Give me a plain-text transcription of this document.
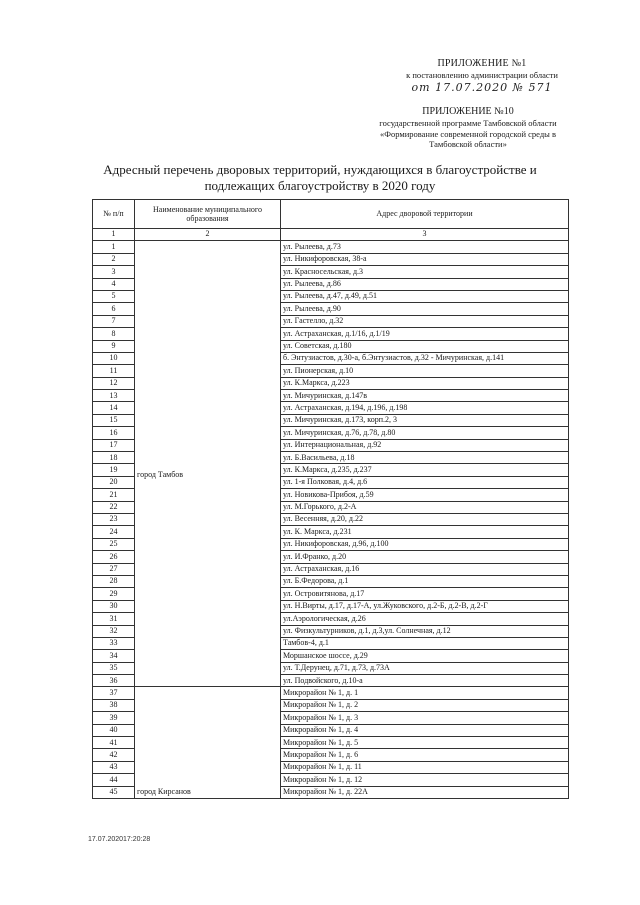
ПРИЛОЖЕНИЕ №1
к постановлению администрации области
от 17.07.2020 № 571
ПРИЛОЖЕНИЕ №10
государственной программе Тамбовской области
«Формирование современной городской среды в
Тамбовской области»
Адресный перечень дворовых территорий, нуждающихся в благоустройстве и
подлежащих благоустройству в 2020 году
№ п/п	Наименование муниципального образования	Адрес дворовой территории
1	2	3
1	город Тамбов	ул. Рылеева, д.73
2		ул. Никифоровская, 38-а
3		ул. Красносельская, д.3
4		ул. Рылеева, д.86
5		ул. Рылеева, д.47, д.49, д.51
6		ул. Рылеева, д.90
7		ул. Гастелло, д.32
8		ул. Астраханская, д.1/16, д.1/19
9		ул. Советская, д.180
10		б. Энтузиастов, д.30-а, б.Энтузиастов, д.32 - Мичуринская, д.141
11		ул. Пионерская, д.10
12		ул. К.Маркса, д.223
13		ул. Мичуринская, д.147в
14		ул. Астраханская, д.194, д.196, д.198
15		ул. Мичуринская, д.173, корп.2, 3
16		ул. Мичуринская, д.76, д.78, д.80
17		ул. Интернациональная, д.92
18		ул. Б.Васильева, д.18
19		ул. К.Маркса, д.235, д.237
20		ул. 1-я Полковая, д.4, д.6
21		ул. Новикова-Прибоя, д.59
22		ул. М.Горького, д.2-А
23		ул. Весенняя, д.20, д.22
24		ул. К. Маркса, д.231
25		ул. Никифоровская, д.96, д.100
26		ул. И.Франко, д.20
27		ул. Астраханская, д.16
28		ул. Б.Федорова, д.1
29		ул. Островитянова, д.17
30		ул. Н.Вирты, д.17, д.17-А, ул.Жуковского, д.2-Б, д.2-В, д.2-Г
31		ул.Аэрологическая, д.26
32		ул. Физкультурников, д.1, д.3,ул. Солнечная, д.12
33		Тамбов-4, д.1
34		Моршанское шоссе, д.29
35		ул. Т.Дерунец, д.71, д.73, д.73А
36		ул. Подвойского, д.10-а
37	город Кирсанов	Микрорайон № 1, д. 1
38		Микрорайон № 1, д. 2
39		Микрорайон № 1, д. 3
40		Микрорайон № 1, д. 4
41		Микрорайон № 1, д. 5
42		Микрорайон № 1, д. 6
43		Микрорайон № 1, д. 11
44		Микрорайон № 1, д. 12
45		Микрорайон № 1, д. 22А
17.07.202017:20:28
